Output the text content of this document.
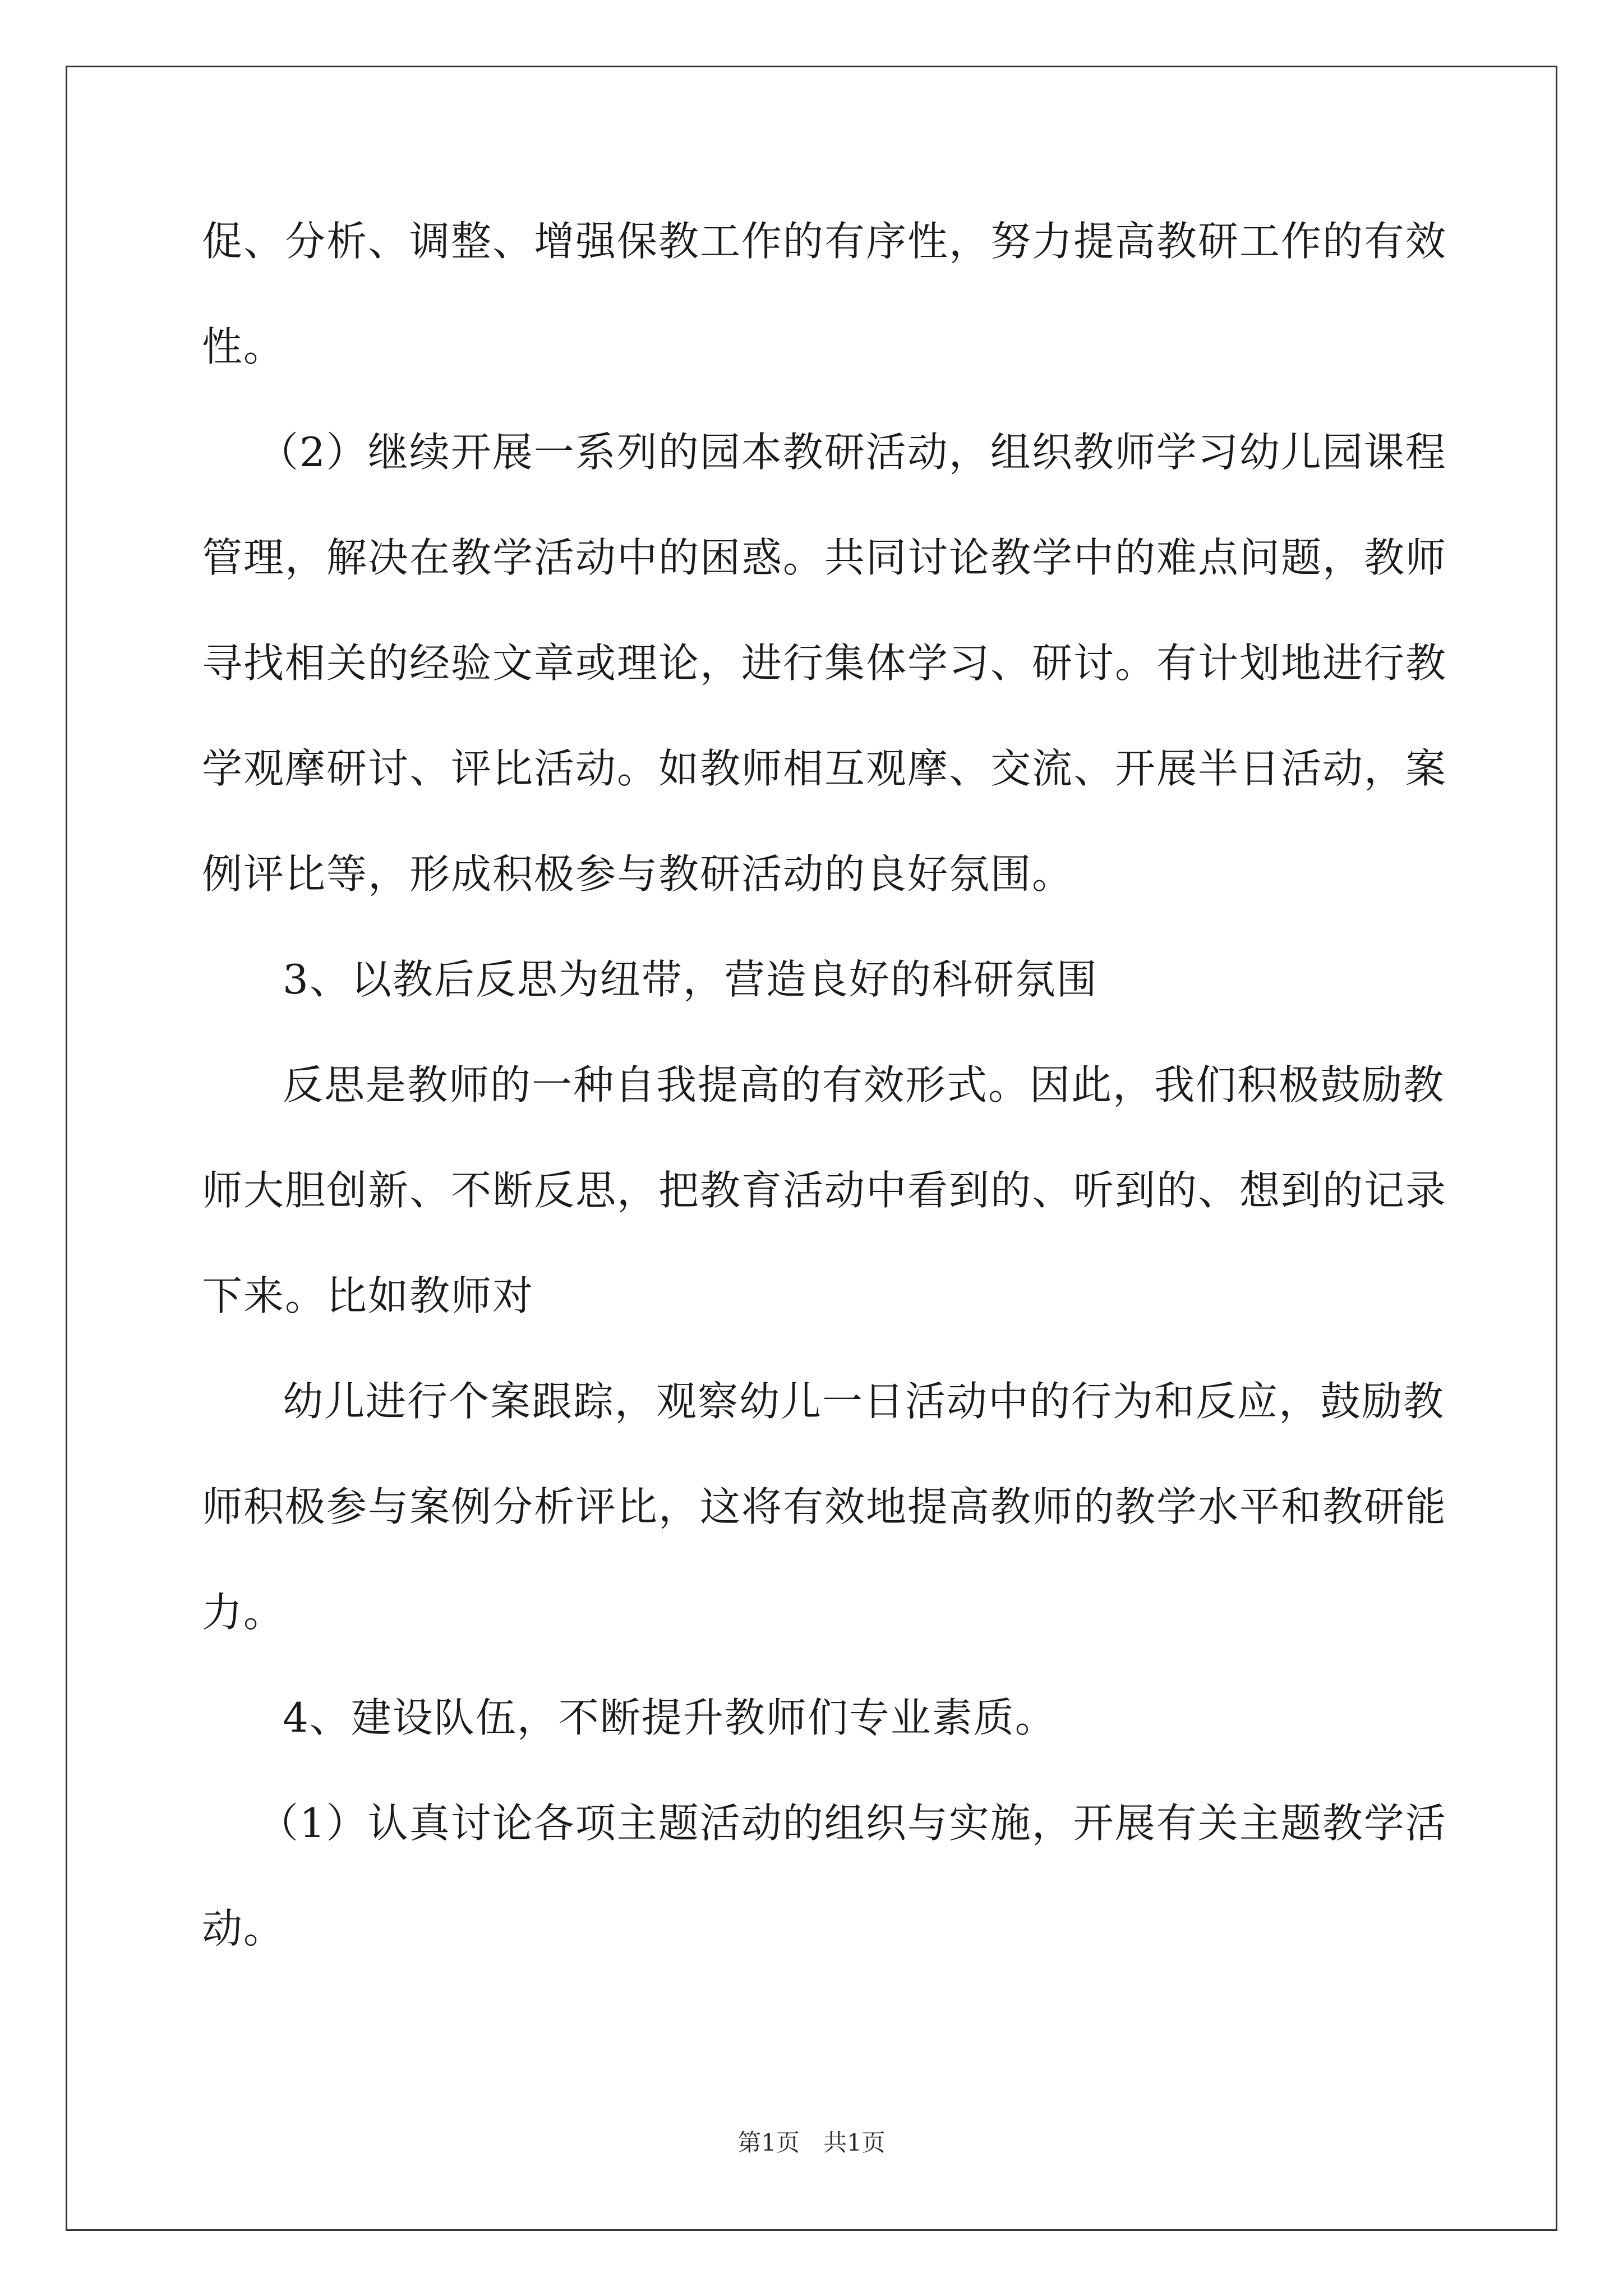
促、分析、调整、增强保教工作的有序性，努力提高教研工作的有效
性。
（2）继续开展一系列的园本教研活动，组织教师学习幼儿园课程
管理，解决在教学活动中的困惑。共同讨论教学中的难点问题，教师
寻找相关的经验文章或理论，进行集体学习、研讨。有计划地进行教
学观摩研讨、评比活动。如教师相互观摩、交流、开展半日活动，案
例评比等，形成积极参与教研活动的良好氛围。
3、以教后反思为纽带，营造良好的科研氛围
反思是教师的一种自我提高的有效形式。因此，我们积极鼓励教
师大胆创新、不断反思，把教育活动中看到的、听到的、想到的记录
下来。比如教师对
幼儿进行个案跟踪，观察幼儿一日活动中的行为和反应，鼓励教
师积极参与案例分析评比，这将有效地提高教师的教学水平和教研能
力。
4、建设队伍，不断提升教师们专业素质。
（1）认真讨论各项主题活动的组织与实施，开展有关主题教学活
动。
第1页　共1页
